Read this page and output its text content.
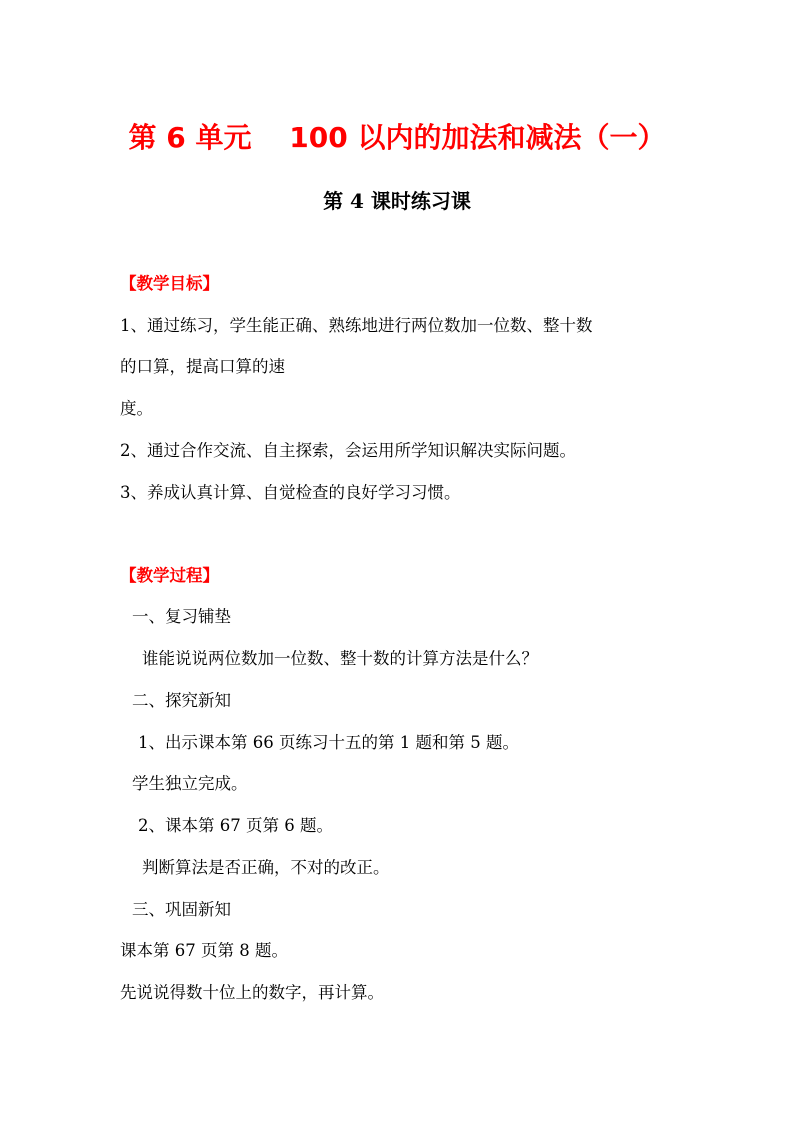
第 6 单元　 100 以内的加法和减法（一）
第 4 课时练习课
【教学目标】
1、通过练习，学生能正确、熟练地进行两位数加一位数、整十数
的口算，提高口算的速
度。
2、通过合作交流、自主探索，会运用所学知识解决实际问题。
3、养成认真计算、自觉检查的良好学习习惯。
【教学过程】
一、复习铺垫
谁能说说两位数加一位数、整十数的计算方法是什么？
二、探究新知
1、出示课本第 66 页练习十五的第 1 题和第 5 题。
学生独立完成。
2、课本第 67 页第 6 题。
判断算法是否正确，不对的改正。
三、巩固新知
课本第 67 页第 8 题。
先说说得数十位上的数字，再计算。
